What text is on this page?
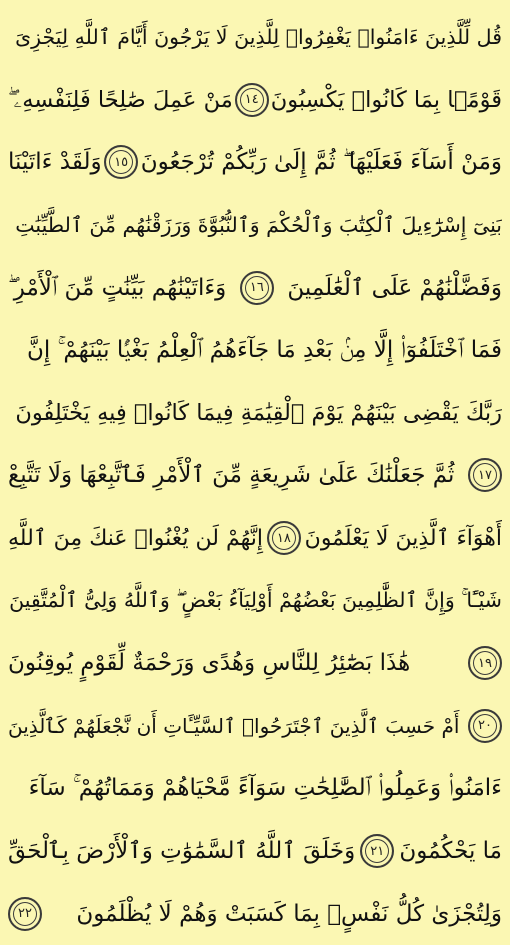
قُل لِّلَّذِينَ ءَامَنُوا۟ يَغْفِرُوا۟ لِلَّذِينَ لَا يَرْجُونَ أَيَّامَ ٱللَّهِ لِيَجْزِىَ
قَوْمًۢا بِمَا كَانُوا۟ يَكْسِبُونَ
١٤
مَنْ عَمِلَ صَٰلِحًا فَلِنَفْسِهِۦ ۖ
وَمَنْ أَسَآءَ فَعَلَيْهَا ۖ ثُمَّ إِلَىٰ رَبِّكُمْ تُرْجَعُونَ
١٥
وَلَقَدْ ءَاتَيْنَا
بَنِىٓ إِسْرَٰٓءِيلَ ٱلْكِتَٰبَ وَٱلْحُكْمَ وَٱلنُّبُوَّةَ وَرَزَقْنَٰهُم مِّنَ ٱلطَّيِّبَٰتِ
وَفَضَّلْنَٰهُمْ عَلَى ٱلْعَٰلَمِينَ
١٦
وَءَاتَيْنَٰهُم بَيِّنَٰتٍ مِّنَ ٱلْأَمْرِ ۖ
فَمَا ٱخْتَلَفُوٓا۟ إِلَّا مِنۢ بَعْدِ مَا جَآءَهُمُ ٱلْعِلْمُ بَغْيًۢا بَيْنَهُمْ ۚ إِنَّ
رَبَّكَ يَقْضِى بَيْنَهُمْ يَوْمَ ٱلْقِيَٰمَةِ فِيمَا كَانُوا۟ فِيهِ يَخْتَلِفُونَ
١٧
ثُمَّ جَعَلْنَٰكَ عَلَىٰ شَرِيعَةٍ مِّنَ ٱلْأَمْرِ فَٱتَّبِعْهَا وَلَا تَتَّبِعْ
أَهْوَآءَ ٱلَّذِينَ لَا يَعْلَمُونَ
١٨
إِنَّهُمْ لَن يُغْنُوا۟ عَنكَ مِنَ ٱللَّهِ
شَيْـًٔا ۚ وَإِنَّ ٱلظَّٰلِمِينَ بَعْضُهُمْ أَوْلِيَآءُ بَعْضٍ ۖ وَٱللَّهُ وَلِىُّ ٱلْمُتَّقِينَ
١٩
هَٰذَا بَصَٰٓئِرُ لِلنَّاسِ وَهُدًى وَرَحْمَةٌ لِّقَوْمٍ يُوقِنُونَ
٢٠
أَمْ حَسِبَ ٱلَّذِينَ ٱجْتَرَحُوا۟ ٱلسَّيِّـَٔاتِ أَن نَّجْعَلَهُمْ كَٱلَّذِينَ
ءَامَنُوا۟ وَعَمِلُوا۟ ٱلصَّٰلِحَٰتِ سَوَآءً مَّحْيَاهُمْ وَمَمَاتُهُمْ ۚ سَآءَ
مَا يَحْكُمُونَ
٢١
وَخَلَقَ ٱللَّهُ ٱلسَّمَٰوَٰتِ وَٱلْأَرْضَ بِٱلْحَقِّ
وَلِتُجْزَىٰ كُلُّ نَفْسٍۭ بِمَا كَسَبَتْ وَهُمْ لَا يُظْلَمُونَ
٢٢
